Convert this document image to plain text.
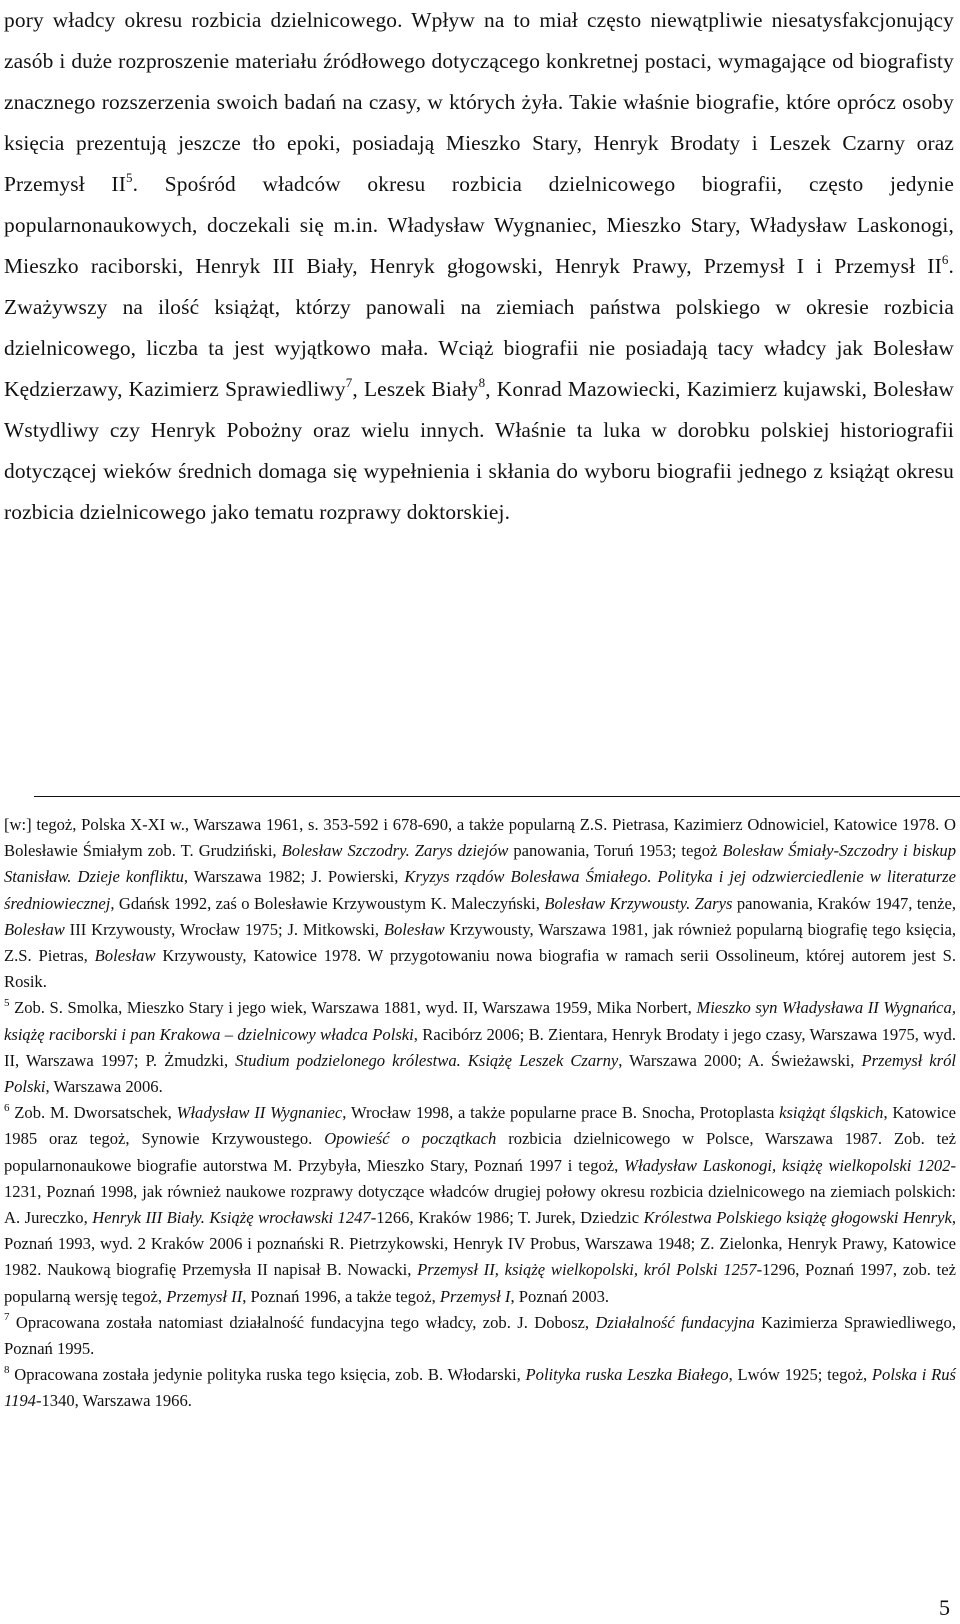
pory władcy okresu rozbicia dzielnicowego. Wpływ na to miał często niewątpliwie niesatysfakcjonujący zasób i duże rozproszenie materiału źródłowego dotyczącego konkretnej postaci, wymagające od biografisty znacznego rozszerzenia swoich badań na czasy, w których żyła. Takie właśnie biografie, które oprócz osoby księcia prezentują jeszcze tło epoki, posiadają Mieszko Stary, Henryk Brodaty i Leszek Czarny oraz Przemysł $II^5$. Spośród władców okresu rozbicia dzielnicowego biografii, często jedynie popularnonaukowych, doczekali się m.in. Władysław Wygnaniec, Mieszko Stary, Władysław Laskonogi, Mieszko raciborski, Henryk III Biały, Henryk głogowski, Henryk Prawy, Przemysł I i Przemysł $II^6$. Zważywszy na ilość książąt, którzy panowali na ziemiach państwa polskiego w okresie rozbicia dzielnicowego, liczba ta jest wyjątkowo mała. Wciąż biografii nie posiadają tacy władcy jak Bolesław Kędzierzawy, Kazimierz Sprawiedliwy$^7$, Leszek Biały$^8$, Konrad Mazowiecki, Kazimierz kujawski, Bolesław Wstydliwy czy Henryk Pobożny oraz wielu innych. Właśnie ta luka w dorobku polskiej historiografii dotyczącej wieków średnich domaga się wypełnienia i skłania do wyboru biografii jednego z książąt okresu rozbicia dzielnicowego jako tematu rozprawy doktorskiej.

[w:] tegoż, Polska X-XI w., Warszawa 1961, s. 353-592 i 678-690, a także popularną Z.S. Pietrasa, Kazimierz Odnowiciel, Katowice 1978. O Bolesławie Śmiałym zob. T. Grudziński, Bolesław Szczodry. Zarys dziejów panowania, Toruń 1953; tegoż Bolesław Śmiały-Szczodry i biskup Stanisław. Dzieje konfliktu, Warszawa 1982; J. Powierski, Kryzys rządów Bolesława Śmiałego. Polityka i jej odzwierciedlenie w literaturze średniowiecznej, Gdańsk 1992, zaś o Bolesławie Krzywoustym K. Maleczyński, Bolesław Krzywousty. Zarys panowania, Kraków 1947, tenże, Bolesław III Krzywousty, Wrocław 1975; J. Mitkowski, Bolesław Krzywousty, Warszawa 1981, jak również popularną biografię tego księcia, Z.S. Pietras, Bolesław Krzywousty, Katowice 1978. W przygotowaniu nowa biografia w ramach serii Ossolineum, której autorem jest S. Rosik.

$^5$ Zob. S. Smolka, Mieszko Stary i jego wiek, Warszawa 1881, wyd. II, Warszawa 1959, Mika Norbert, Mieszko syn Władysława II Wygnańca, książę raciborski i pan Krakowa – dzielnicowy władca Polski, Racibórz 2006; B. Zientara, Henryk Brodaty i jego czasy, Warszawa 1975, wyd. II, Warszawa 1997; P. Żmudzki, Studium podzielonego królestwa. Książę Leszek Czarny, Warszawa 2000; A. Świeżawski, Przemysł król Polski, Warszawa 2006.

$^6$ Zob. M. Dworsatschek, Władysław II Wygnaniec, Wrocław 1998, a także popularne prace B. Snocha, Protoplasta książąt śląskich, Katowice 1985 oraz tegoż, Synowie Krzywoustego. Opowieść o początkach rozbicia dzielnicowego w Polsce, Warszawa 1987. Zob. też popularnonaukowe biografie autorstwa M. Przybyła, Mieszko Stary, Poznań 1997 i tegoż, Władysław Laskonogi, książę wielkopolski 1202-1231, Poznań 1998, jak również naukowe rozprawy dotyczące władców drugiej połowy okresu rozbicia dzielnicowego na ziemiach polskich: A. Jureczko, Henryk III Biały. Książę wrocławski 1247-1266, Kraków 1986; T. Jurek, Dziedzic Królestwa Polskiego książę głogowski Henryk, Poznań 1993, wyd. 2 Kraków 2006 i poznański R. Pietrzykowski, Henryk IV Probus, Warszawa 1948; Z. Zielonka, Henryk Prawy, Katowice 1982. Naukową biografię Przemysła II napisał B. Nowacki, Przemysł II, książę wielkopolski, król Polski 1257-1296, Poznań 1997, zob. też popularną wersję tegoż, Przemysł II, Poznań 1996, a także tegoż, Przemysł I, Poznań 2003.

$^7$ Opracowana została natomiast działalność fundacyjna tego władcy, zob. J. Dobosz, Działalność fundacyjna Kazimierza Sprawiedliwego, Poznań 1995.

$^8$ Opracowana została jedynie polityka ruska tego księcia, zob. B. Włodarski, Polityka ruska Leszka Białego, Lwów 1925; tegoż, Polska i Ruś 1194-1340, Warszawa 1966.

5
